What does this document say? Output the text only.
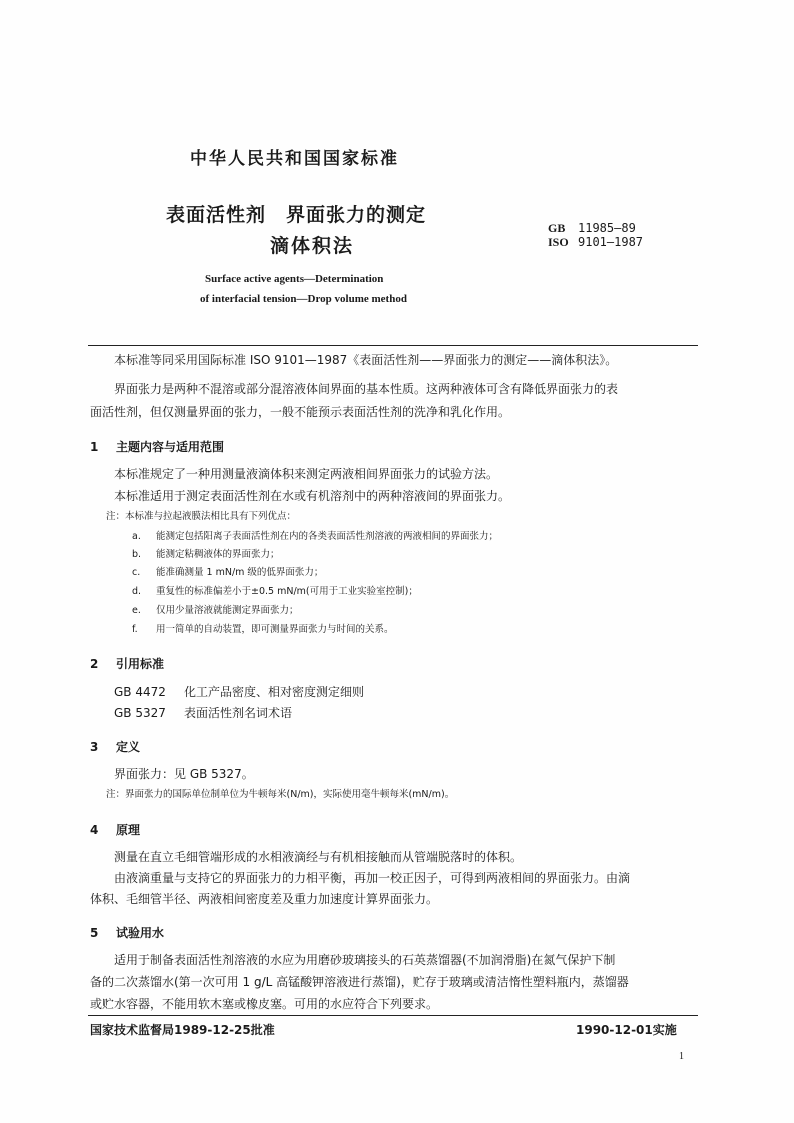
中华人民共和国国家标准
表面活性剂　界面张力的测定
滴体积法
GB 11985—89
ISO 9101—1987
Surface active agents—Determination
of interfacial tension—Drop volume method
本标准等同采用国际标准 ISO 9101—1987《表面活性剂——界面张力的测定——滴体积法》。
界面张力是两种不混溶或部分混溶液体间界面的基本性质。这两种液体可含有降低界面张力的表
面活性剂，但仅测量界面的张力，一般不能预示表面活性剂的洗净和乳化作用。
1 主题内容与适用范围
本标准规定了一种用测量液滴体积来测定两液相间界面张力的试验方法。
本标准适用于测定表面活性剂在水或有机溶剂中的两种溶液间的界面张力。
注：本标准与拉起液膜法相比具有下列优点：
a. 能测定包括阳离子表面活性剂在内的各类表面活性剂溶液的两液相间的界面张力；
b. 能测定粘稠液体的界面张力；
c. 能准确测量 1 mN/m 级的低界面张力；
d. 重复性的标准偏差小于±0.5 mN/m(可用于工业实验室控制)；
e. 仅用少量溶液就能测定界面张力；
f. 用一简单的自动装置，即可测量界面张力与时间的关系。
2 引用标准
GB 4472 化工产品密度、相对密度测定细则
GB 5327 表面活性剂名词术语
3 定义
界面张力：见 GB 5327。
注：界面张力的国际单位制单位为牛顿每米(N/m)，实际使用毫牛顿每米(mN/m)。
4 原理
测量在直立毛细管端形成的水相液滴经与有机相接触而从管端脱落时的体积。
由液滴重量与支持它的界面张力的力相平衡，再加一校正因子，可得到两液相间的界面张力。由滴
体积、毛细管半径、两液相间密度差及重力加速度计算界面张力。
5 试验用水
适用于制备表面活性剂溶液的水应为用磨砂玻璃接头的石英蒸馏器(不加润滑脂)在氮气保护下制
备的二次蒸馏水(第一次可用 1 g/L 高锰酸钾溶液进行蒸馏)，贮存于玻璃或清洁惰性塑料瓶内，蒸馏器
或贮水容器，不能用软木塞或橡皮塞。可用的水应符合下列要求。
国家技术监督局1989-12-25批准	1990-12-01实施
1
